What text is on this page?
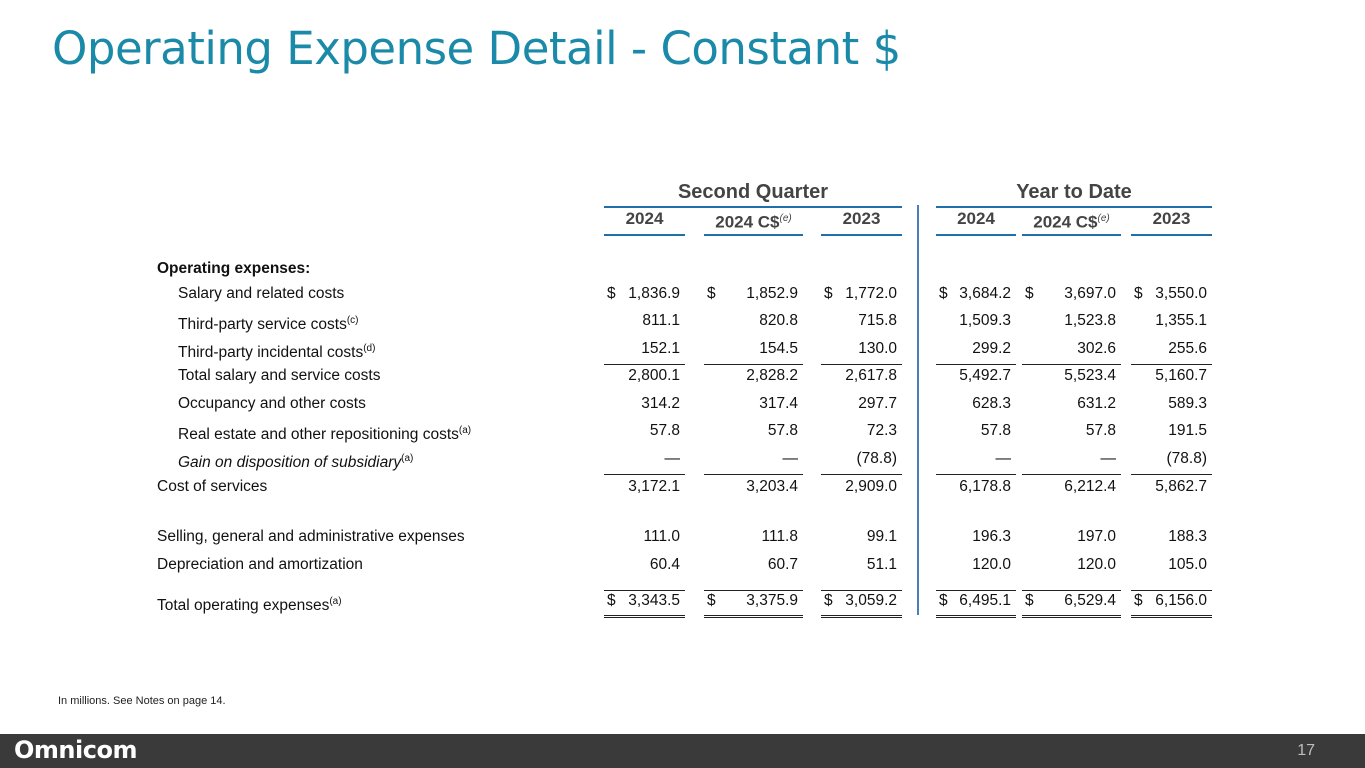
Operating Expense Detail - Constant $
Second Quarter	Year to Date
2024	2024 C\$$^{(e)}$	2023	2024	2024 C\$$^{(e)}$	2023
Operating expenses:
Salary and related costs	$ 1,836.9 $ 1,852.9 $ 1,772.0	$ 3,684.2 $ 3,697.0 $ 3,550.0
Third-party service costs$^{(c)}$	811.1	820.8	715.8	1,509.3	1,523.8	1,355.1
Third-party incidental costs$^{(d)}$	152.1	154.5	130.0	299.2	302.6	255.6
Total salary and service costs	2,800.1	2,828.2	2,617.8	5,492.7	5,523.4	5,160.7
Occupancy and other costs	314.2	317.4	297.7	628.3	631.2	589.3
Real estate and other repositioning costs$^{(a)}$	57.8	57.8	72.3	57.8	57.8	191.5
Gain on disposition of subsidiary$^{(a)}$	—	—	(78.8)	—	—	(78.8)
Cost of services	3,172.1	3,203.4	2,909.0	6,178.8	6,212.4	5,862.7
Selling, general and administrative expenses	111.0	111.8	99.1	196.3	197.0	188.3
Depreciation and amortization	60.4	60.7	51.1	120.0	120.0	105.0
Total operating expenses$^{(a)}$	$ 3,343.5 $ 3,375.9 $ 3,059.2	$ 6,495.1 $ 6,529.4 $ 6,156.0
In millions. See Notes on page 14.
Omnicom	17
